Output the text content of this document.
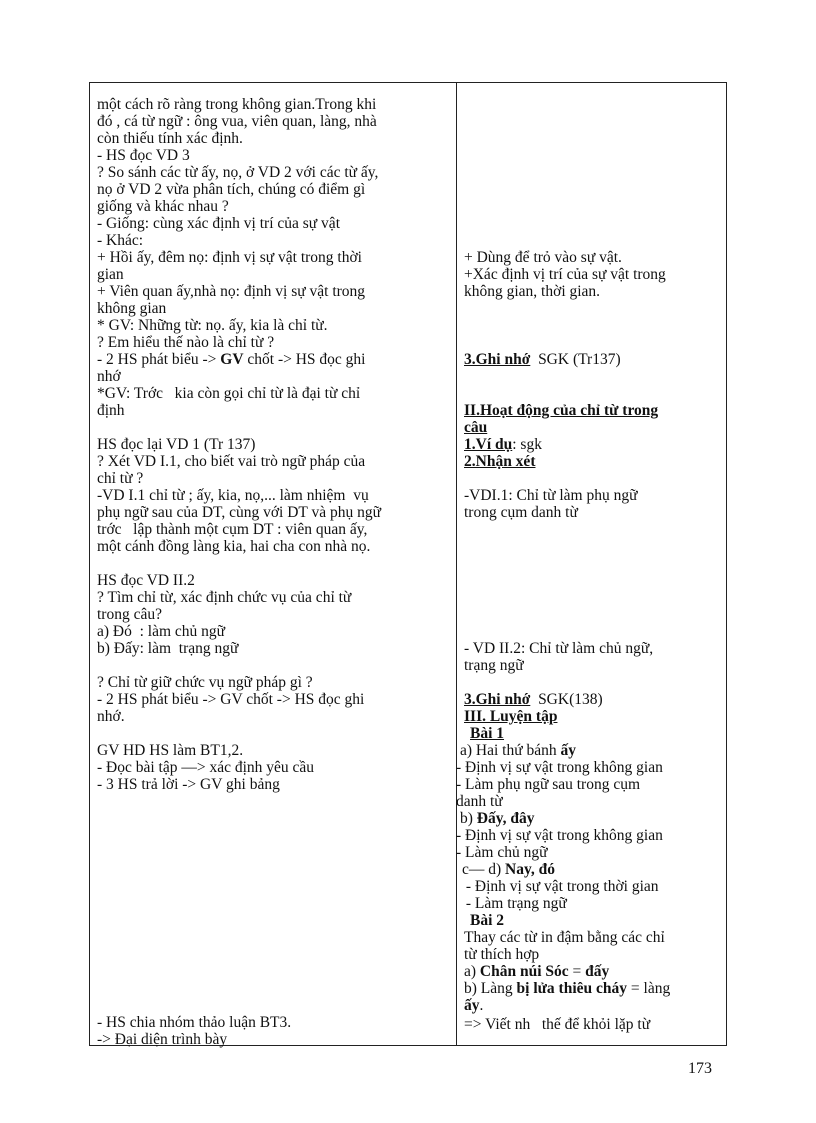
một cách rõ ràng trong không gian.Trong khi
đó , cá từ ngữ : ông vua, viên quan, làng, nhà
còn thiếu tính xác định.
- HS đọc VD 3
? So sánh các từ ấy, nọ, ở VD 2 với các từ ấy,
nọ ở VD 2 vừa phân tích, chúng có điểm gì
giống và khác nhau ?
- Giống: cùng xác định vị trí của sự vật
- Khác:
+ Hồi ấy, đêm nọ: định vị sự vật trong thời
gian
+ Viên quan ấy,nhà nọ: định vị sự vật trong
không gian
* GV: Những từ: nọ. ấy, kia là chỉ từ.
? Em hiểu thế nào là chỉ từ ?
- 2 HS phát biểu -> GV chốt -> HS đọc ghi
nhớ
*GV: Trớc   kia còn gọi chỉ từ là đại từ chỉ
định
HS đọc lại VD 1 (Tr 137)
? Xét VD I.1, cho biết vai trò ngữ pháp của
chỉ từ ?
-VD I.1 chỉ từ ; ấy, kia, nọ,... làm nhiệm  vụ
phụ ngữ sau của DT, cùng với DT và phụ ngữ
trớc   lập thành một cụm DT : viên quan ấy,
một cánh đồng làng kia, hai cha con nhà nọ.
HS đọc VD II.2
? Tìm chỉ từ, xác định chức vụ của chỉ từ
trong câu?
a) Đó  : làm chủ ngữ
b) Đấy: làm  trạng ngữ
? Chỉ từ giữ chức vụ ngữ pháp gì ?
- 2 HS phát biểu -> GV chốt -> HS đọc ghi
nhớ.
GV HD HS làm BT1,2.
- Đọc bài tập —> xác định yêu cầu
- 3 HS trả lời -> GV ghi bảng
- HS chia nhóm thảo luận BT3.
-> Đại diện trình bày
+ Dùng để trỏ vào sự vật.
+Xác định vị trí của sự vật trong
không gian, thời gian.
3.Ghi nhớ  SGK (Tr137)
II.Hoạt động của chỉ từ trong
câu
1.Ví dụ: sgk
2.Nhận xét
-VDI.1: Chỉ từ làm phụ ngữ
trong cụm danh từ
- VD II.2: Chỉ từ làm chủ ngữ,
trạng ngữ
3.Ghi nhớ  SGK(138)
III. Luyện tập
Bài 1
a) Hai thứ bánh ấy
- Định vị sự vật trong không gian
- Làm phụ ngữ sau trong cụm
danh từ
b) Đấy, đây
- Định vị sự vật trong không gian
- Làm chủ ngữ
c— d) Nay, đó
- Định vị sự vật trong thời gian
- Làm trạng ngữ
Bài 2
Thay các từ in đậm bằng các chỉ
từ thích hợp
a) Chân núi Sóc = đấy
b) Làng bị lửa thiêu cháy = làng
ấy.
=> Viết nh   thế để khỏi lặp từ
173
